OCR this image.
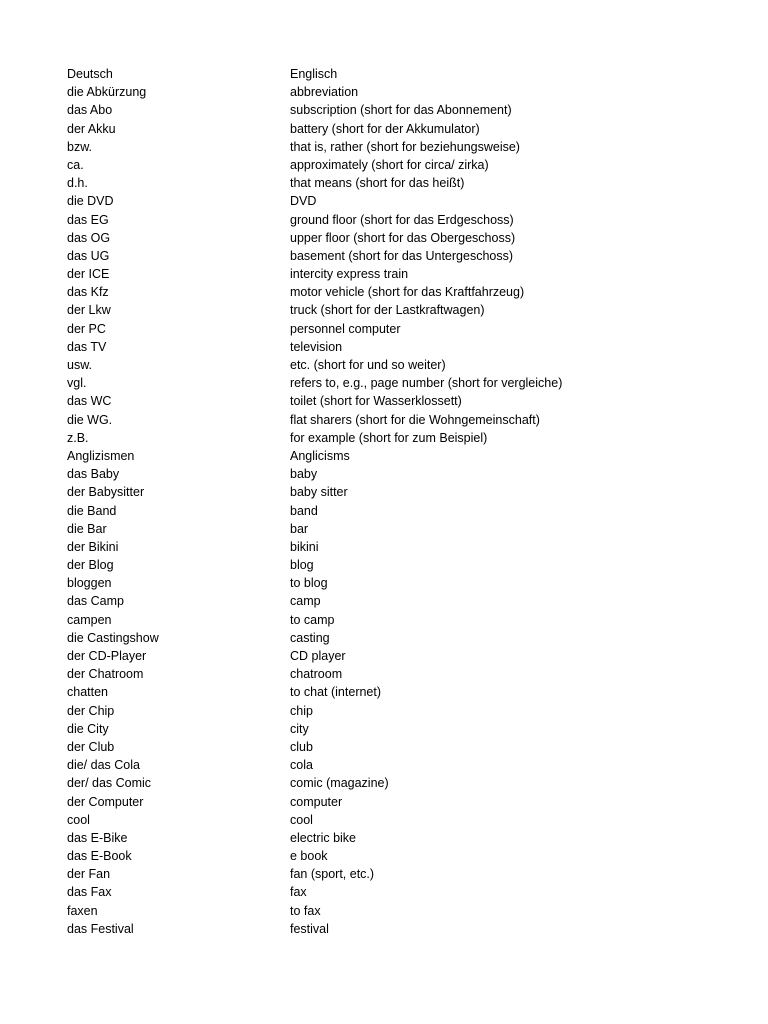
Deutsch	Englisch
die Abkürzung	abbreviation
das Abo	subscription (short for das Abonnement)
der Akku	battery (short for der Akkumulator)
bzw.	that is, rather (short for beziehungsweise)
ca.	approximately (short for circa/ zirka)
d.h.	that means (short for das heißt)
die DVD	DVD
das EG	ground floor (short for das Erdgeschoss)
das OG	upper floor (short for das Obergeschoss)
das UG	basement (short for das Untergeschoss)
der ICE	intercity express train
das Kfz	motor vehicle (short for das Kraftfahrzeug)
der Lkw	truck (short for der Lastkraftwagen)
der PC	personnel computer
das TV	television
usw.	etc. (short for und so weiter)
vgl.	refers to, e.g., page number (short for vergleiche)
das WC	toilet (short for Wasserklossett)
die WG.	flat sharers (short for die Wohngemeinschaft)
z.B.	for example (short for zum Beispiel)
Anglizismen	Anglicisms
das Baby	baby
der Babysitter	baby sitter
die Band	band
die Bar	bar
der Bikini	bikini
der Blog	blog
bloggen	to blog
das Camp	camp
campen	to camp
die Castingshow	casting
der CD-Player	CD player
der Chatroom	chatroom
chatten	to chat (internet)
der Chip	chip
die City	city
der Club	club
die/ das Cola	cola
der/ das Comic	comic (magazine)
der Computer	computer
cool	cool
das E-Bike	electric bike
das E-Book	e book
der Fan	fan (sport, etc.)
das Fax	fax
faxen	to fax
das Festival	festival
